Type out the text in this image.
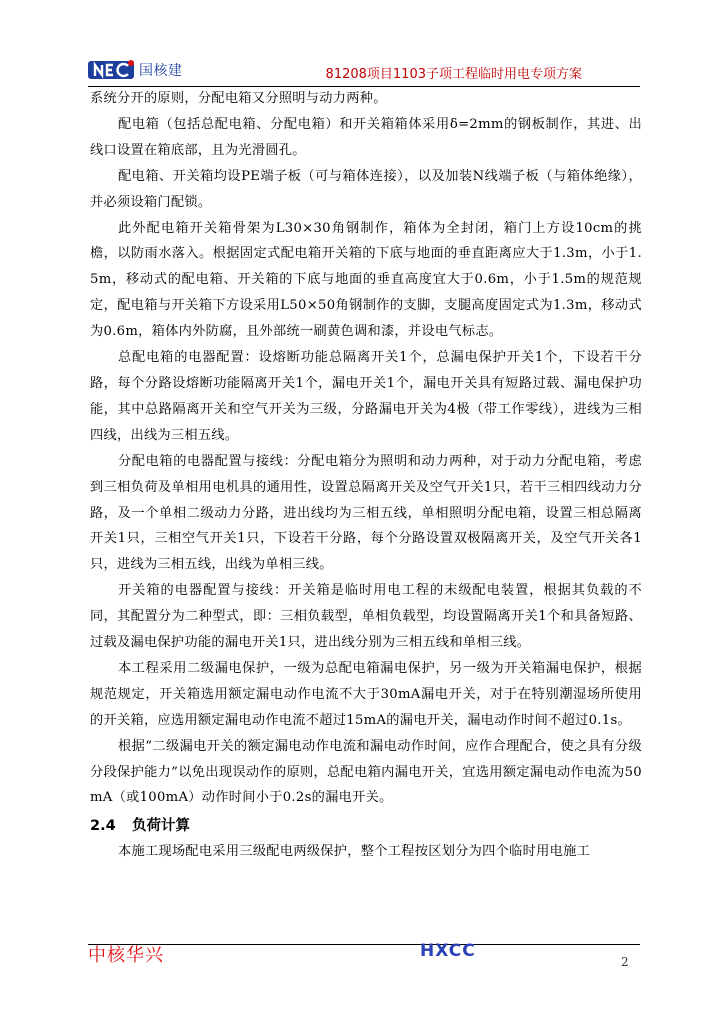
国核建	81208项目1103子项工程临时用电专项方案

系统分开的原则，分配电箱又分照明与动力两种。

配电箱（包括总配电箱、分配电箱）和开关箱箱体采用δ=2mm的钢板制作，其进、出线口设置在箱底部，且为光滑圆孔。

配电箱、开关箱均设PE端子板（可与箱体连接），以及加装N线端子板（与箱体绝缘），并必须设箱门配锁。

此外配电箱开关箱骨架为L30×30角钢制作，箱体为全封闭，箱门上方设10cm的挑檐，以防雨水落入。根据固定式配电箱开关箱的下底与地面的垂直距离应大于1.3m，小于1.5m，移动式的配电箱、开关箱的下底与地面的垂直高度宜大于0.6m，小于1.5m的规范规定，配电箱与开关箱下方设采用L50×50角钢制作的支脚，支腿高度固定式为1.3m，移动式为0.6m，箱体内外防腐，且外部统一刷黄色调和漆，并设电气标志。

总配电箱的电器配置：设熔断功能总隔离开关1个，总漏电保护开关1个，下设若干分路，每个分路设熔断功能隔离开关1个，漏电开关1个，漏电开关具有短路过载、漏电保护功能，其中总路隔离开关和空气开关为三级，分路漏电开关为4极（带工作零线），进线为三相四线，出线为三相五线。

分配电箱的电器配置与接线：分配电箱分为照明和动力两种，对于动力分配电箱，考虑到三相负荷及单相用电机具的通用性，设置总隔离开关及空气开关1只，若干三相四线动力分路，及一个单相二级动力分路，进出线均为三相五线，单相照明分配电箱，设置三相总隔离开关1只，三相空气开关1只，下设若干分路，每个分路设置双极隔离开关，及空气开关各1只，进线为三相五线，出线为单相三线。

开关箱的电器配置与接线：开关箱是临时用电工程的末级配电装置，根据其负载的不同，其配置分为二种型式，即：三相负载型，单相负载型，均设置隔离开关1个和具备短路、过载及漏电保护功能的漏电开关1只，进出线分别为三相五线和单相三线。

本工程采用二级漏电保护，一级为总配电箱漏电保护，另一级为开关箱漏电保护，根据规范规定，开关箱选用额定漏电动作电流不大于30mA漏电开关，对于在特别潮湿场所使用的开关箱，应选用额定漏电动作电流不超过15mA的漏电开关，漏电动作时间不超过0.1s。

根据“二级漏电开关的额定漏电动作电流和漏电动作时间，应作合理配合，使之具有分级分段保护能力”以免出现误动作的原则，总配电箱内漏电开关，宜选用额定漏电动作电流为50mA（或100mA）动作时间小于0.2s的漏电开关。

2.4 负荷计算

本施工现场配电采用三级配电两级保护，整个工程按区划分为四个临时用电施工

中核华兴	HXCC
2
